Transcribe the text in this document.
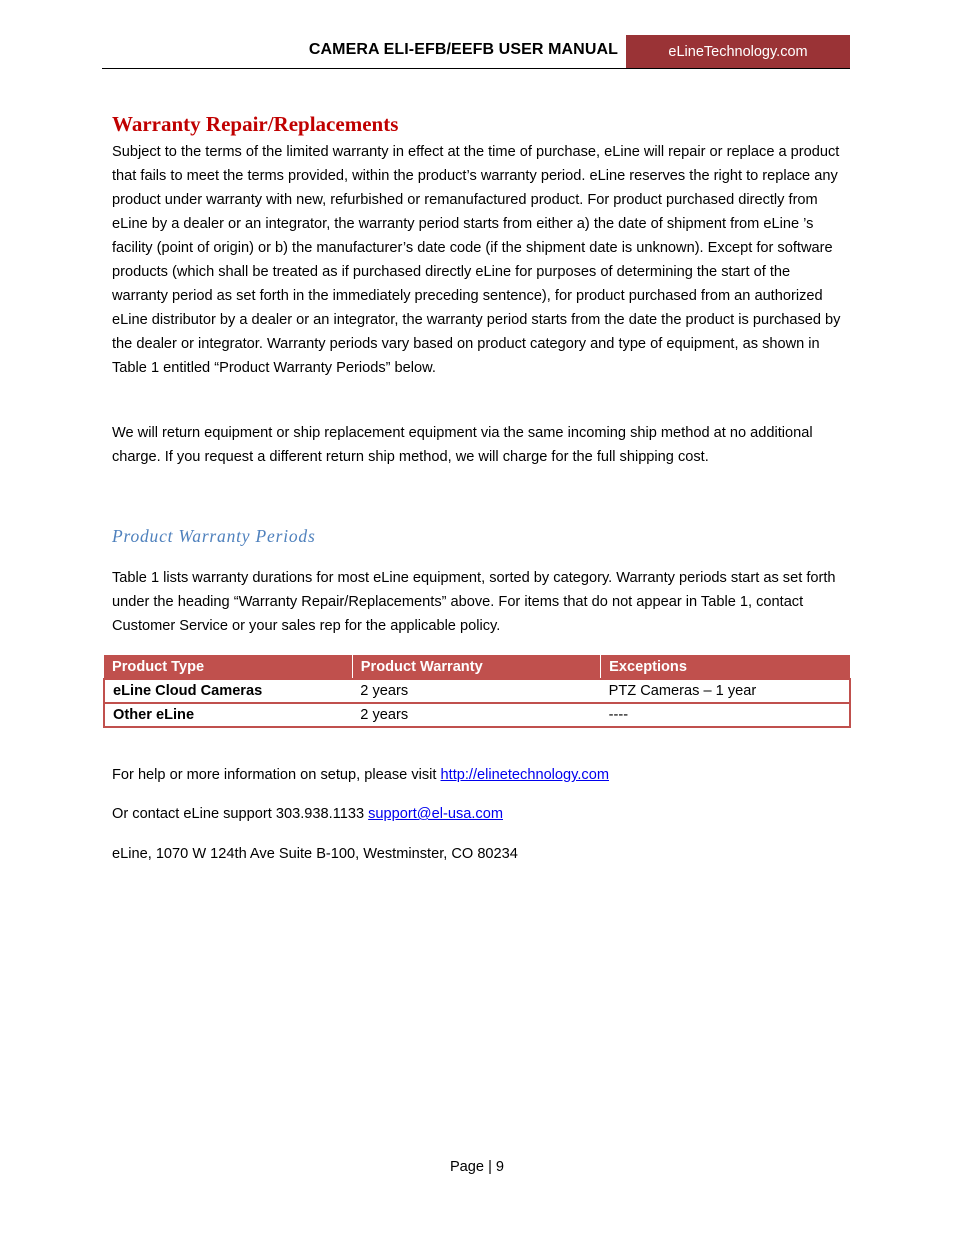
CAMERA ELI-EFB/EEFB USER MANUAL	eLineTechnology.com
Warranty Repair/Replacements

Subject to the terms of the limited warranty in effect at the time of purchase, eLine will repair or replace a product that fails to meet the terms provided, within the product’s warranty period. eLine reserves the right to replace any product under warranty with new, refurbished or remanufactured product. For product purchased directly from eLine by a dealer or an integrator, the warranty period starts from either a) the date of shipment from eLine ’s facility (point of origin) or b) the manufacturer’s date code (if the shipment date is unknown). Except for software products (which shall be treated as if purchased directly eLine for purposes of determining the start of the warranty period as set forth in the immediately preceding sentence), for product purchased from an authorized eLine distributor by a dealer or an integrator, the warranty period starts from the date the product is purchased by the dealer or integrator. Warranty periods vary based on product category and type of equipment, as shown in Table 1 entitled “Product Warranty Periods” below.

We will return equipment or ship replacement equipment via the same incoming ship method at no additional charge. If you request a different return ship method, we will charge for the full shipping cost.

Product Warranty Periods

Table 1 lists warranty durations for most eLine equipment, sorted by category. Warranty periods start as set forth under the heading “Warranty Repair/Replacements” above. For items that do not appear in Table 1, contact Customer Service or your sales rep for the applicable policy.

Product Type	Product Warranty	Exceptions
eLine Cloud Cameras	2 years	PTZ Cameras – 1 year
Other eLine	2 years	----

For help or more information on setup, please visit http://elinetechnology.com

Or contact eLine support 303.938.1133 support@el-usa.com

eLine, 1070 W 124th Ave Suite B-100, Westminster, CO 80234

Page | 9
